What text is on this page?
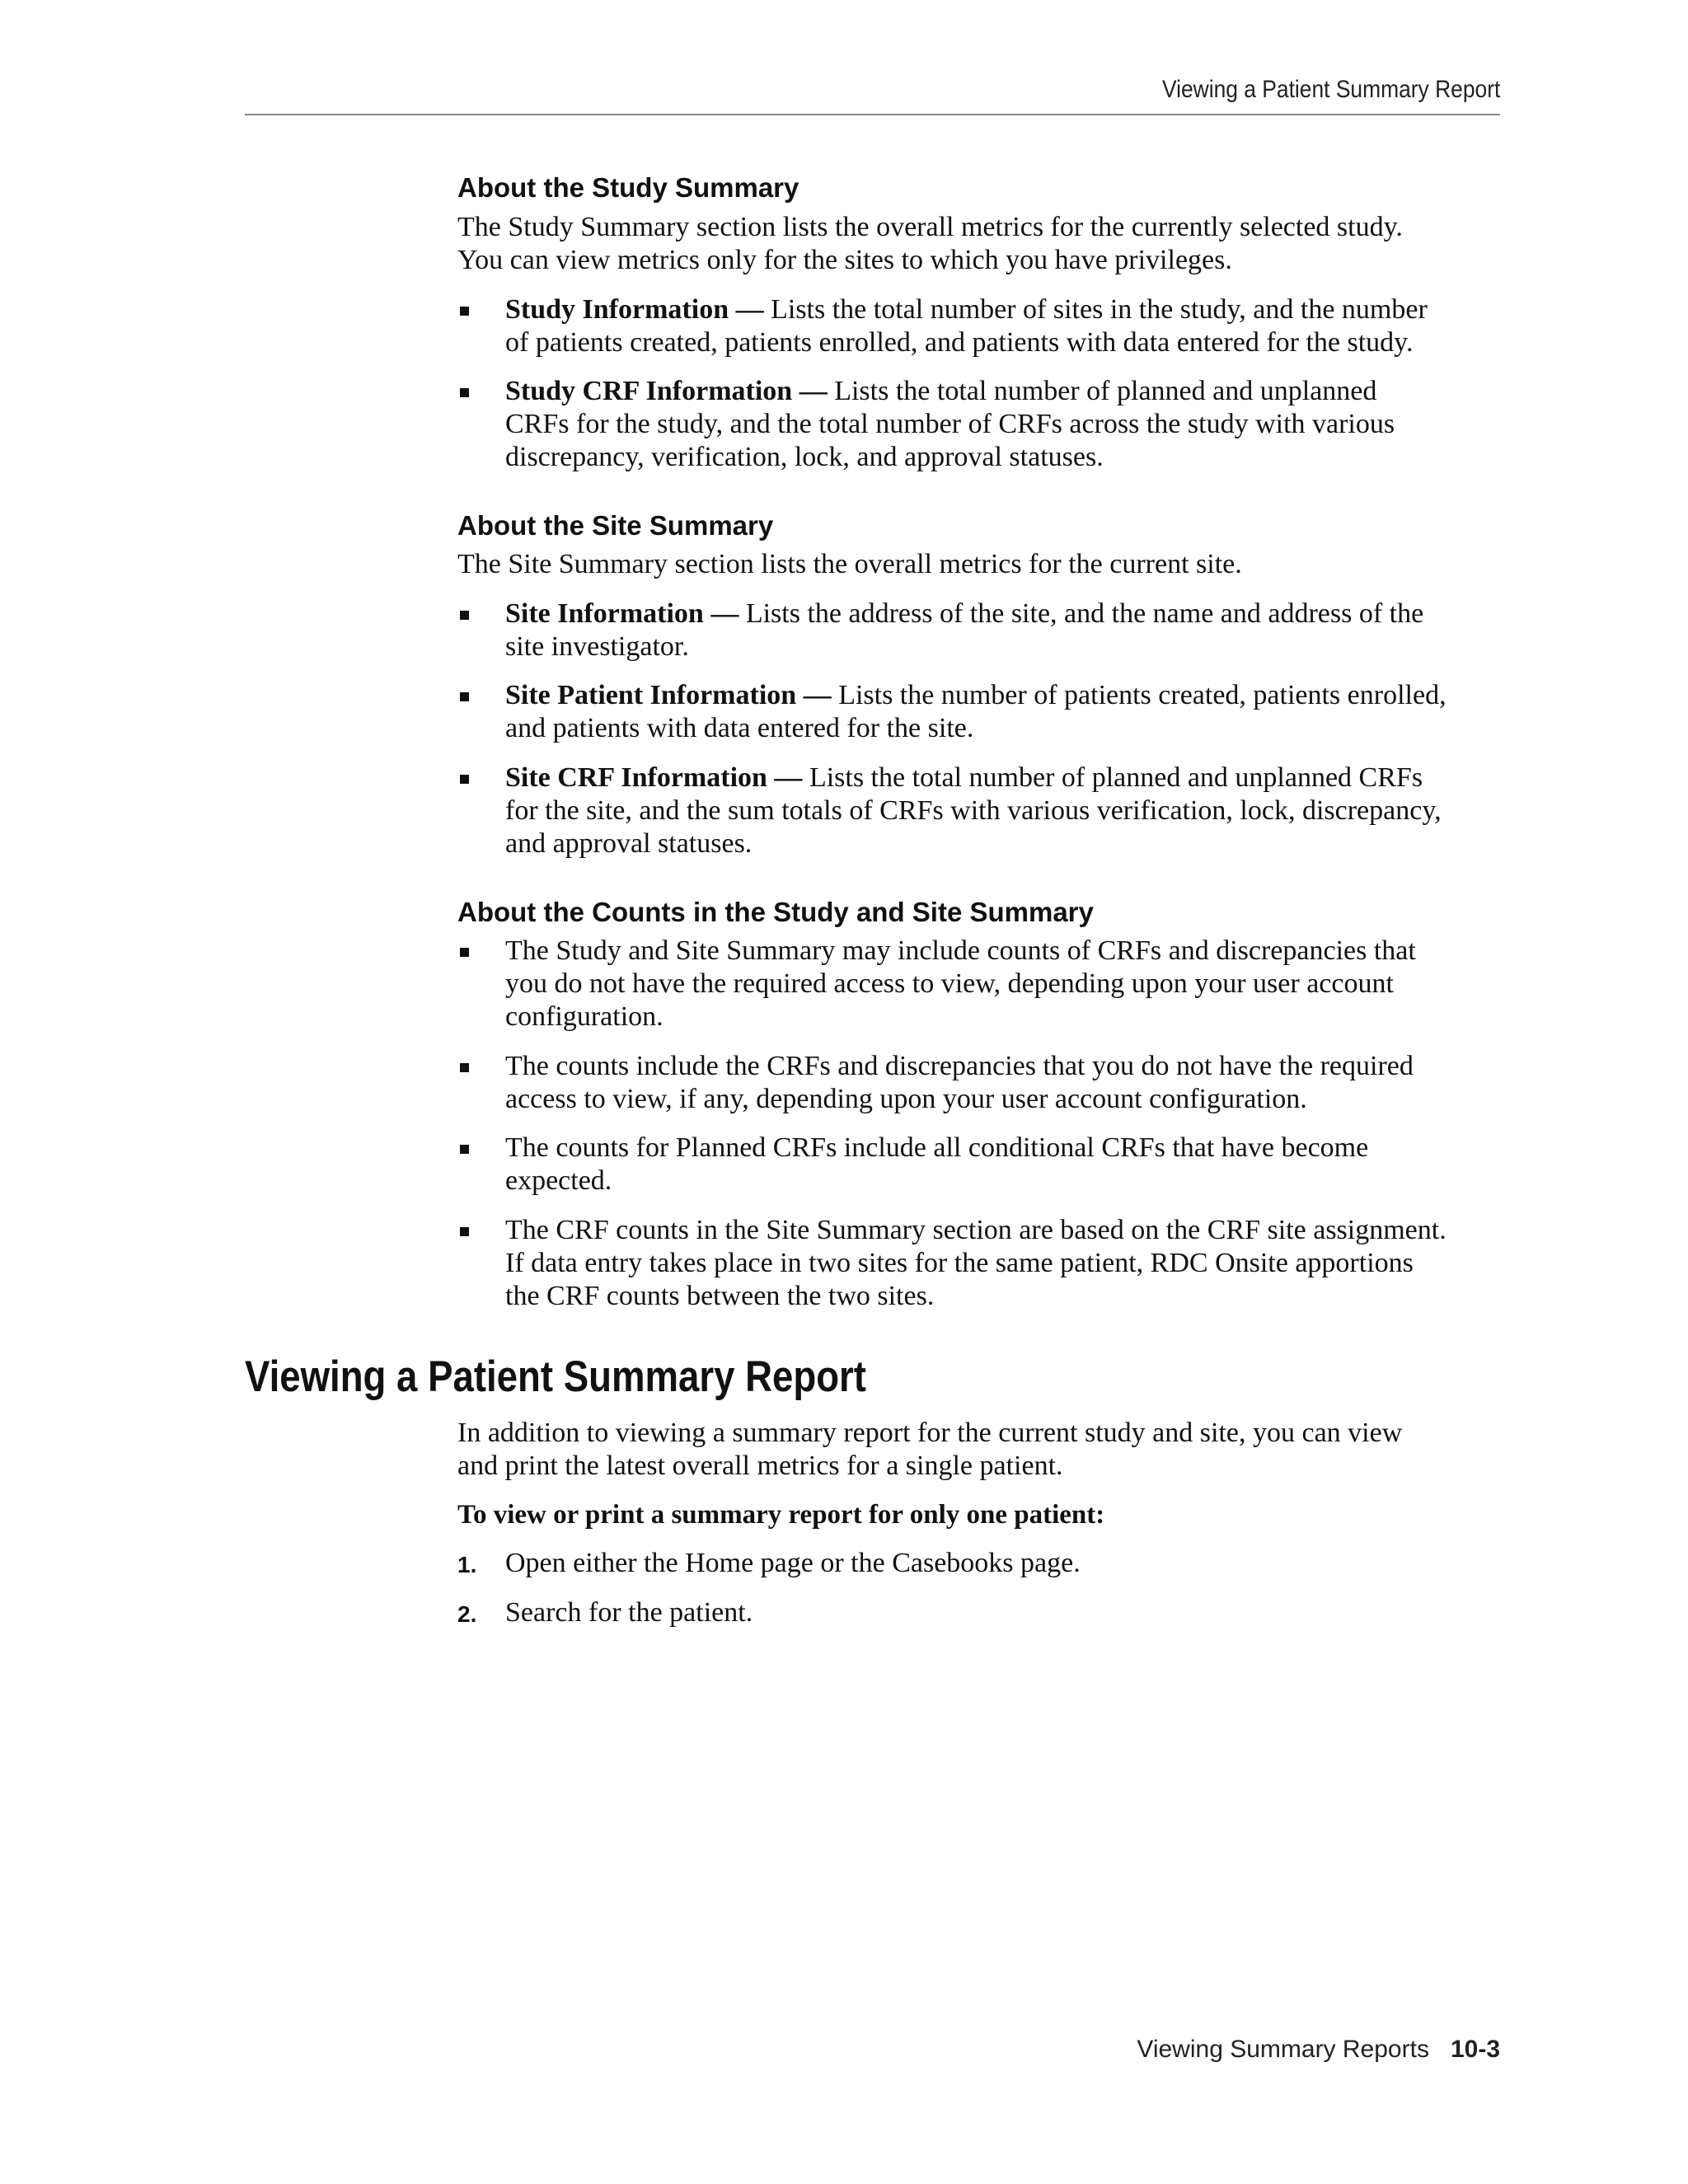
Viewing a Patient Summary Report
About the Study Summary
The Study Summary section lists the overall metrics for the currently selected study.
You can view metrics only for the sites to which you have privileges.
Study Information — Lists the total number of sites in the study, and the number
of patients created, patients enrolled, and patients with data entered for the study.
Study CRF Information — Lists the total number of planned and unplanned
CRFs for the study, and the total number of CRFs across the study with various
discrepancy, verification, lock, and approval statuses.
About the Site Summary
The Site Summary section lists the overall metrics for the current site.
Site Information — Lists the address of the site, and the name and address of the
site investigator.
Site Patient Information — Lists the number of patients created, patients enrolled,
and patients with data entered for the site.
Site CRF Information — Lists the total number of planned and unplanned CRFs
for the site, and the sum totals of CRFs with various verification, lock, discrepancy,
and approval statuses.
About the Counts in the Study and Site Summary
The Study and Site Summary may include counts of CRFs and discrepancies that
you do not have the required access to view, depending upon your user account
configuration.
The counts include the CRFs and discrepancies that you do not have the required
access to view, if any, depending upon your user account configuration.
The counts for Planned CRFs include all conditional CRFs that have become
expected.
The CRF counts in the Site Summary section are based on the CRF site assignment.
If data entry takes place in two sites for the same patient, RDC Onsite apportions
the CRF counts between the two sites.
Viewing a Patient Summary Report
In addition to viewing a summary report for the current study and site, you can view
and print the latest overall metrics for a single patient.
To view or print a summary report for only one patient:
1. Open either the Home page or the Casebooks page.
2. Search for the patient.
Viewing Summary Reports 10-3
